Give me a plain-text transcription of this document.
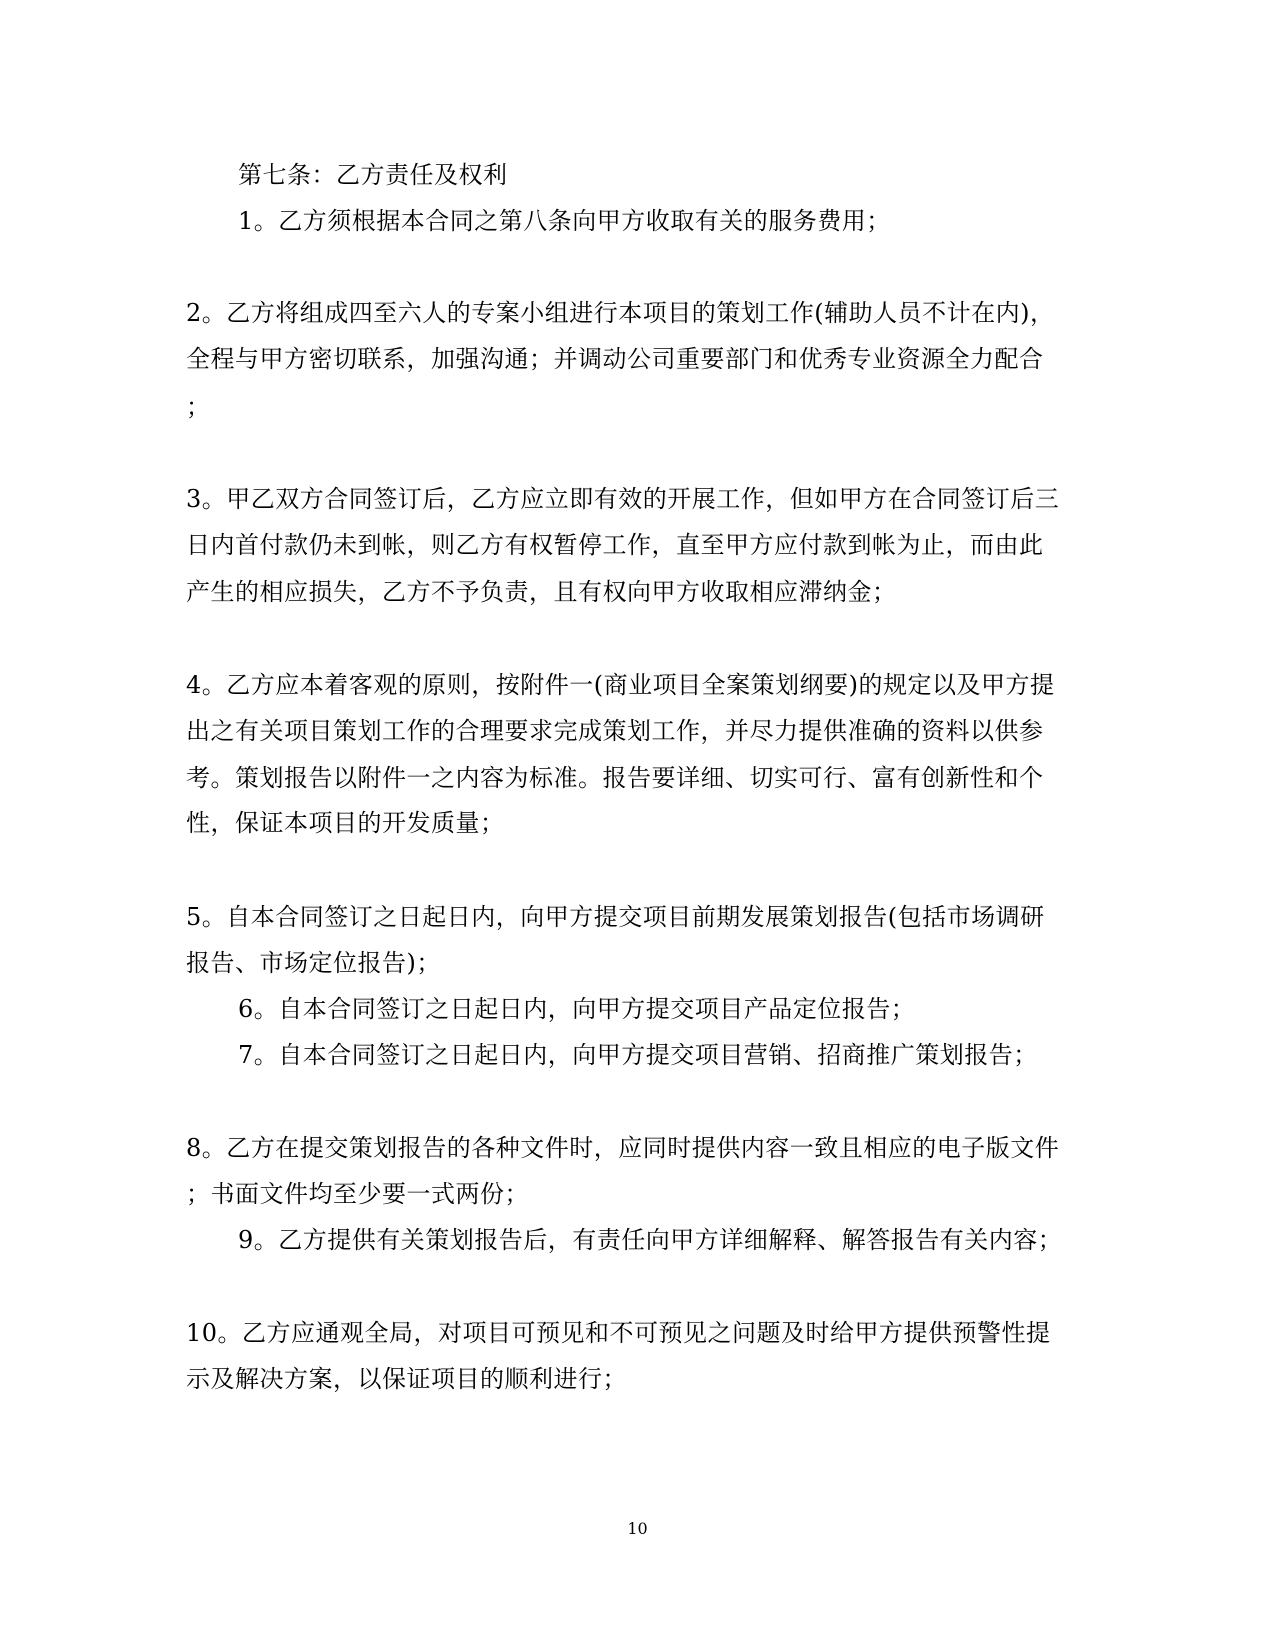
第七条：乙方责任及权利
1。乙方须根据本合同之第八条向甲方收取有关的服务费用；
2。乙方将组成四至六人的专案小组进行本项目的策划工作(辅助人员不计在内)，
全程与甲方密切联系，加强沟通；并调动公司重要部门和优秀专业资源全力配合
；
3。甲乙双方合同签订后，乙方应立即有效的开展工作，但如甲方在合同签订后三
日内首付款仍未到帐，则乙方有权暂停工作，直至甲方应付款到帐为止，而由此
产生的相应损失，乙方不予负责，且有权向甲方收取相应滞纳金；
4。乙方应本着客观的原则，按附件一(商业项目全案策划纲要)的规定以及甲方提
出之有关项目策划工作的合理要求完成策划工作，并尽力提供准确的资料以供参
考。策划报告以附件一之内容为标准。报告要详细、切实可行、富有创新性和个
性，保证本项目的开发质量；
5。自本合同签订之日起日内，向甲方提交项目前期发展策划报告(包括市场调研
报告、市场定位报告)；
6。自本合同签订之日起日内，向甲方提交项目产品定位报告；
7。自本合同签订之日起日内，向甲方提交项目营销、招商推广策划报告；
8。乙方在提交策划报告的各种文件时，应同时提供内容一致且相应的电子版文件
；书面文件均至少要一式两份；
9。乙方提供有关策划报告后，有责任向甲方详细解释、解答报告有关内容；
10。乙方应通观全局，对项目可预见和不可预见之问题及时给甲方提供预警性提
示及解决方案，以保证项目的顺利进行；
10
